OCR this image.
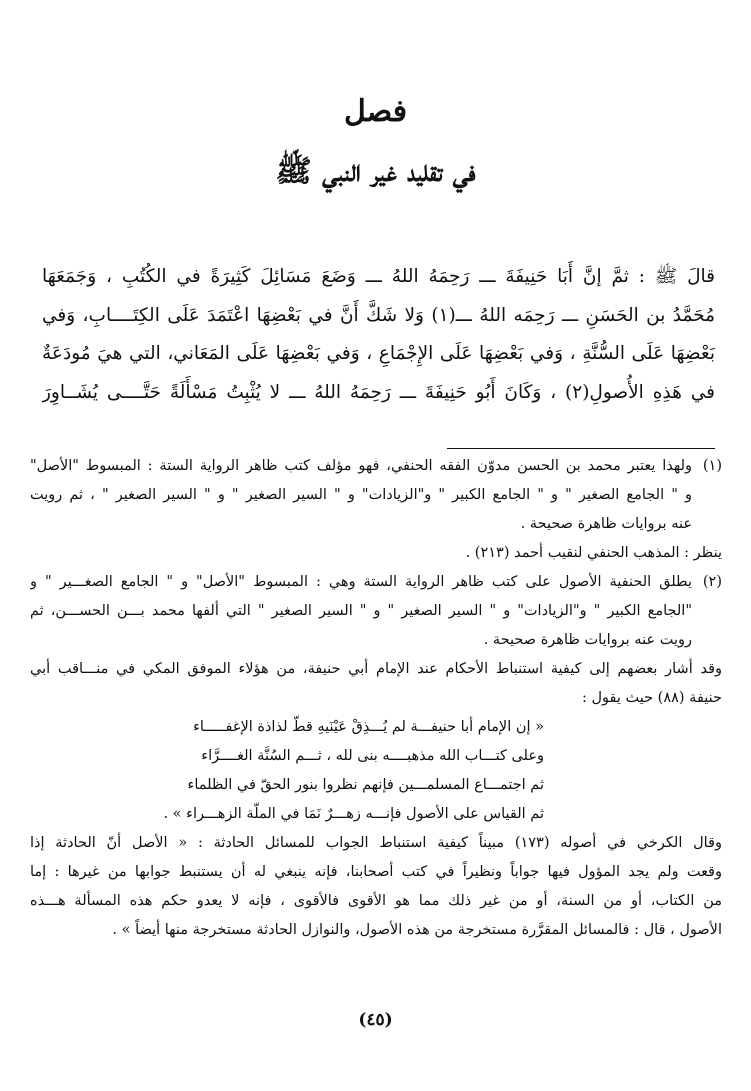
فصل
في تقليد غير النبي ﷺ
قالَ ﷺ : ثمَّ إنَّ أَبَا حَنِيفَةَ ـــ رَحِمَهُ اللهُ ـــ وَضَعَ مَسَائِلَ كَثِيرَةً في الكُتُبِ ، وَجَمَعَهَا
مُحَمَّدُ بن الحَسَنِ ـــ رَحِمَه اللهُ ـــ(١) وَلا شَكَّ أَنَّ في بَعْضِهَا اعْتَمَدَ عَلَى الكِتَــــابِ، وَفي
بَعْضِهَا عَلَى السُّنَّةِ ، وَفي بَعْضِهَا عَلَى الإِجْمَاعِ ، وَفي بَعْضِهَا عَلَى المَعَاني، التي هيَ مُودَعَةٌ
في هَذِهِ الأُصولِ(٢) ، وَكَانَ أَبُو حَنِيفَةَ ـــ رَحِمَهُ اللهُ ـــ لا يُثْبِتُ مَسْأَلَةً حَتَّــــى يُشَــاوِرَ
(١)
ولهذا يعتبر محمد بن الحسن مدوّن الفقه الحنفي، فهو مؤلف كتب ظاهر الرواية الستة : المبسوط "الأصل"
و " الجامع الصغير " و " الجامع الكبير " و"الزيادات" و " السير الصغير " و " السير الصغير " ، ثم رويت
عنه بروايات ظاهرة صحيحة .
ينظر : المذهب الحنفي لنقيب أحمد (٢١٣) .
(٢)
يطلق الحنفية الأصول على كتب ظاهر الرواية الستة وهي : المبسوط "الأصل" و " الجامع الصغـــير " و
"الجامع الكبير " و"الزيادات" و " السير الصغير " و " السير الصغير " التي ألفها محمد بـــن الحســـن، ثم
رويت عنه بروايات ظاهرة صحيحة .
وقد أشار بعضهم إلى كيفية استنباط الأحكام عند الإمام أبي حنيفة، من هؤلاء الموفق المكي في منـــاقب أبي
حنيفة (٨٨) حيث يقول :
« إن الإمام أبا حنيفـــة لم يُـــذِقْ عَيْنَيهِ قطّ لذاذة الإغفـــــاء
وعلى كتـــاب الله مذهبــــه بنى لله ، ثـــم السُنَّة الغــــرَّاء
ثم اجتمـــاع المسلمـــين فإنهم نظروا بنور الحقّ في الظلماء
ثم القياس على الأصول فإنـــه زهـــرٌ نَمَا في الملّة الزهـــراء » .
وقال الكرخي في أصوله (١٧٣) مبيناً كيفية استنباط الجواب للمسائل الحادثة : « الأصل أنّ الحادثة إذا
وقعت ولم يجد المؤول فيها جواباً ونظيراً في كتب أصحابنا، فإنه ينبغي له أن يستنبط جوابها من غيرها : إما
من الكتاب، أو من السنة، أو من غير ذلك مما هو الأقوى فالأقوى ، فإنه لا يعدو حكم هذه المسألة هـــذه
الأصول ، قال : فالمسائل المقرَّرة مستخرجة من هذه الأصول، والنوازل الحادثة مستخرجة منها أيضاً » .
(٤٥)
